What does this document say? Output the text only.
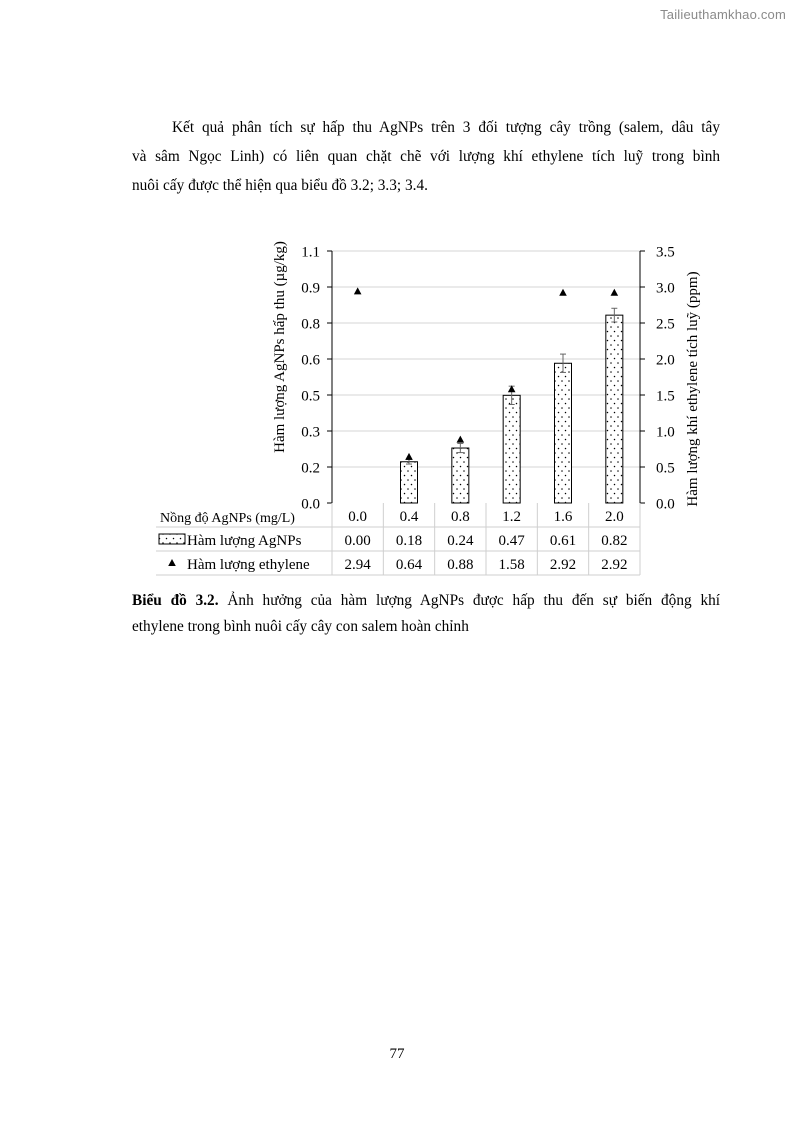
Tailieuthamkhao.com
Kết quả phân tích sự hấp thu AgNPs trên 3 đối tượng cây trồng (salem, dâu tây
và sâm Ngọc Linh) có liên quan chặt chẽ với lượng khí ethylene tích luỹ trong bình
nuôi cấy được thể hiện qua biểu đồ 3.2; 3.3; 3.4.
0.0
0.2
0.3
0.5
0.6
0.8
0.9
1.1
0.0
0.5
1.0
1.5
2.0
2.5
3.0
3.5
Hàm lượng AgNPs hấp thu (µg/kg)	Hàm lượng khí ethylene tích luỹ (ppm)
Nồng độ AgNPs (mg/L)	0.0 0.4 0.8 1.2 1.6 2.0
Hàm lượng AgNPs	0.00 0.18 0.24 0.47 0.61 0.82
Hàm lượng ethylene 2.94 0.64 0.88 1.58 2.92 2.92
Biểu đồ 3.2. Ảnh hưởng của hàm lượng AgNPs được hấp thu đến sự biến động khí
ethylene trong bình nuôi cấy cây con salem hoàn chỉnh
77
